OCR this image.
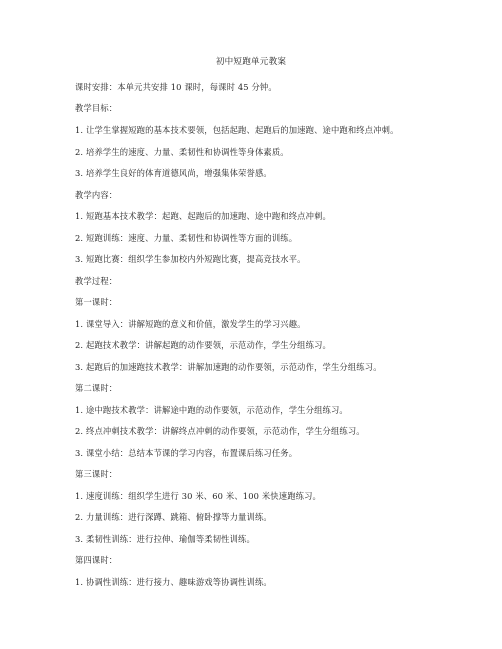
初中短跑单元教案
课时安排：本单元共安排 10 课时，每课时 45 分钟。
教学目标：
1. 让学生掌握短跑的基本技术要领，包括起跑、起跑后的加速跑、途中跑和终点冲刺。
2. 培养学生的速度、力量、柔韧性和协调性等身体素质。
3. 培养学生良好的体育道德风尚，增强集体荣誉感。
教学内容：
1. 短跑基本技术教学：起跑、起跑后的加速跑、途中跑和终点冲刺。
2. 短跑训练：速度、力量、柔韧性和协调性等方面的训练。
3. 短跑比赛：组织学生参加校内外短跑比赛，提高竞技水平。
教学过程：
第一课时：
1. 课堂导入：讲解短跑的意义和价值，激发学生的学习兴趣。
2. 起跑技术教学：讲解起跑的动作要领，示范动作，学生分组练习。
3. 起跑后的加速跑技术教学：讲解加速跑的动作要领，示范动作，学生分组练习。
第二课时：
1. 途中跑技术教学：讲解途中跑的动作要领，示范动作，学生分组练习。
2. 终点冲刺技术教学：讲解终点冲刺的动作要领，示范动作，学生分组练习。
3. 课堂小结：总结本节课的学习内容，布置课后练习任务。
第三课时：
1. 速度训练：组织学生进行 30 米、60 米、100 米快速跑练习。
2. 力量训练：进行深蹲、跳箱、俯卧撑等力量训练。
3. 柔韧性训练：进行拉伸、瑜伽等柔韧性训练。
第四课时：
1. 协调性训练：进行接力、趣味游戏等协调性训练。
